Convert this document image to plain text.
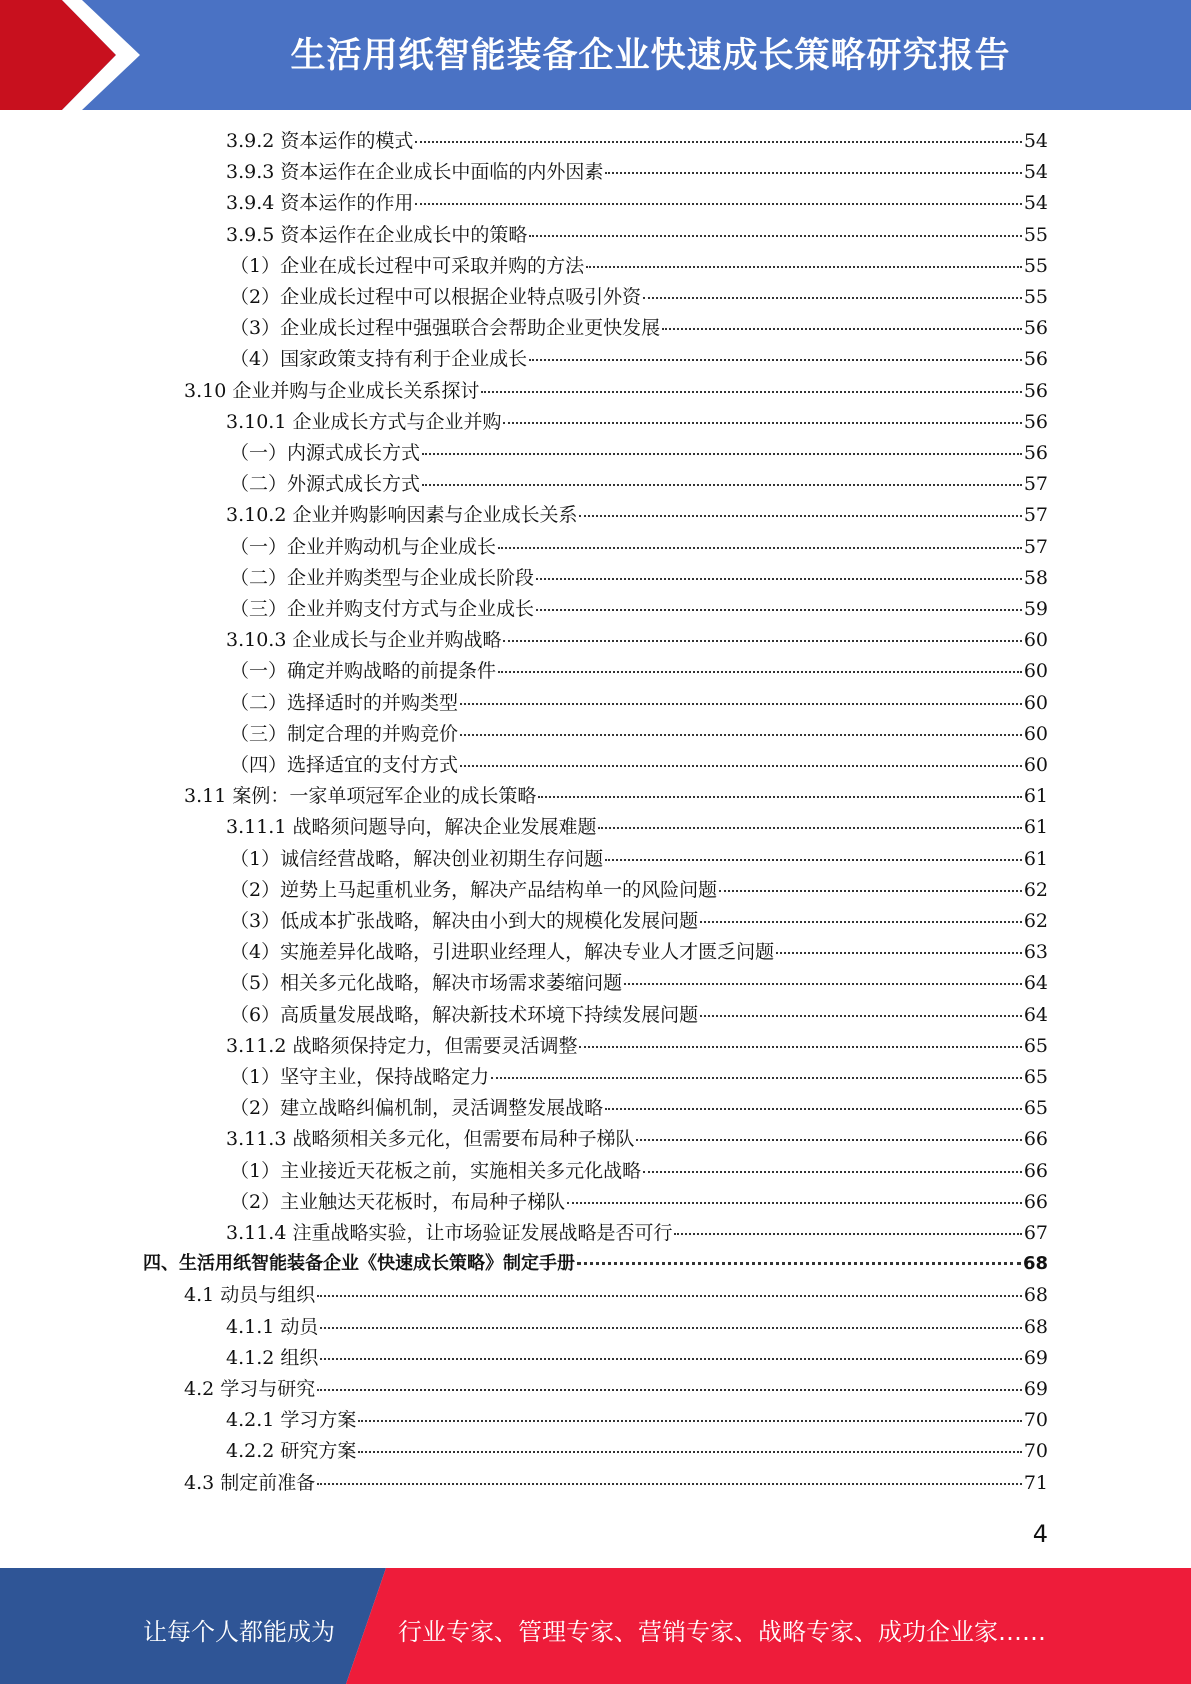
生活用纸智能装备企业快速成长策略研究报告
3.9.2 资本运作的模式	54
3.9.3 资本运作在企业成长中面临的内外因素	54
3.9.4 资本运作的作用	54
3.9.5 资本运作在企业成长中的策略	55
（1）企业在成长过程中可采取并购的方法	55
（2）企业成长过程中可以根据企业特点吸引外资	55
（3）企业成长过程中强强联合会帮助企业更快发展	56
（4）国家政策支持有利于企业成长	56
3.10 企业并购与企业成长关系探讨	56
3.10.1 企业成长方式与企业并购	56
（一）内源式成长方式	56
（二）外源式成长方式	57
3.10.2 企业并购影响因素与企业成长关系	57
（一）企业并购动机与企业成长	57
（二）企业并购类型与企业成长阶段	58
（三）企业并购支付方式与企业成长	59
3.10.3 企业成长与企业并购战略	60
（一）确定并购战略的前提条件	60
（二）选择适时的并购类型	60
（三）制定合理的并购竞价	60
（四）选择适宜的支付方式	60
3.11 案例：一家单项冠军企业的成长策略	61
3.11.1 战略须问题导向，解决企业发展难题	61
（1）诚信经营战略，解决创业初期生存问题	61
（2）逆势上马起重机业务，解决产品结构单一的风险问题	62
（3）低成本扩张战略，解决由小到大的规模化发展问题	62
（4）实施差异化战略，引进职业经理人，解决专业人才匮乏问题	63
（5）相关多元化战略，解决市场需求萎缩问题	64
（6）高质量发展战略，解决新技术环境下持续发展问题	64
3.11.2 战略须保持定力，但需要灵活调整	65
（1）坚守主业，保持战略定力	65
（2）建立战略纠偏机制，灵活调整发展战略	65
3.11.3 战略须相关多元化，但需要布局种子梯队	66
（1）主业接近天花板之前，实施相关多元化战略	66
（2）主业触达天花板时，布局种子梯队	66
3.11.4 注重战略实验，让市场验证发展战略是否可行	67
四、生活用纸智能装备企业《快速成长策略》制定手册	68
4.1 动员与组织	68
4.1.1 动员	68
4.1.2 组织	69
4.2 学习与研究	69
4.2.1 学习方案	70
4.2.2 研究方案	70
4.3 制定前准备	71
4
让每个人都能成为	行业专家、管理专家、营销专家、战略专家、成功企业家……
